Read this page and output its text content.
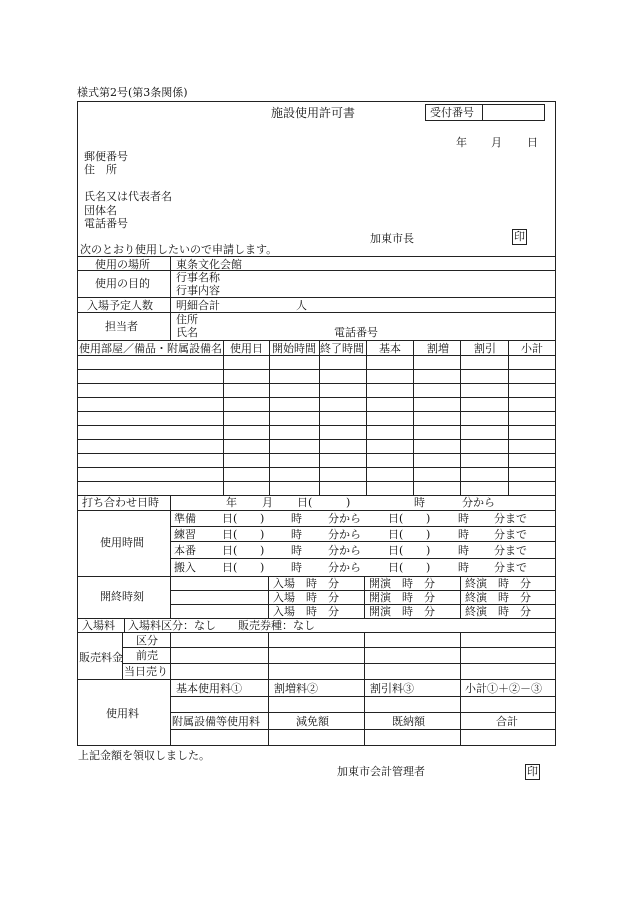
様式第2号(第3条関係)
施設使用許可書	受付番号
年 月 日
郵便番号
住　所
氏名又は代表者名
団体名
電話番号
加東市長	印
次のとおり使用したいので申請します。
使用の場所 東条文化会館
使用の目的 行事名称
行事内容
入場予定人数 明細合計	人
担当者
住所
氏名	電話番号
使用部屋／備品・附属設備名 使用日 開始時間 終了時間 基本 割増 割引 小計
打ち合わせ日時	年 月 日(	)	時	分から
使用時間
準備 日( ) 時 分から 日( )	時 分まで
練習 日( ) 時 分から 日( )	時 分まで
本番 日( ) 時 分から 日( )	時 分まで
搬入 日( ) 時 分から 日( )	時 分まで
開終時刻
入場　時　分	開演　時　分	終演　時　分
入場　時　分	開演　時　分	終演　時　分
入場　時　分	開演　時　分	終演　時　分
入場料 入場料区分：なし　　販売券種：なし
販売料金
区分
前売
当日売り
使用料
基本使用料①	割増料②	割引料③	小計①＋②－③
附属設備等使用料	減免額	既納額	合計
上記金額を領収しました。
加東市会計管理者	印
